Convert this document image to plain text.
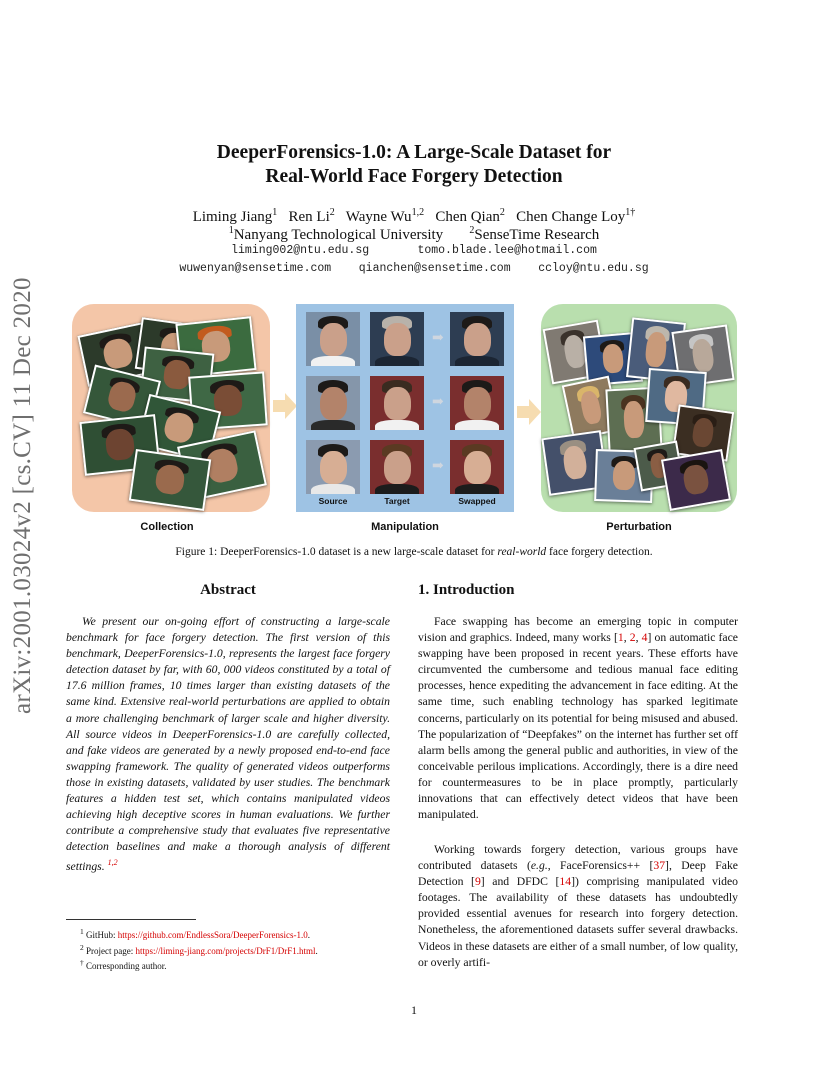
arXiv:2001.03024v2 [cs.CV] 11 Dec 2020
DeeperForensics-1.0: A Large-Scale Dataset for
Real-World Face Forgery Detection
Liming Jiang$^1$ Ren Li$^2$ Wayne Wu$^{1,2}$ Chen Qian$^2$ Chen Change Loy$^{1\dagger}$
$^1$Nanyang Technological University	$^2$SenseTime Research
liming002@ntu.edu.sg	tomo.blade.lee@hotmail.com
wuwenyan@sensetime.com qianchen@sensetime.com ccloy@ntu.edu.sg
➡
➡
➡
Source	Target	Swapped
Collection	Manipulation	Perturbation
Figure 1: DeeperForensics-1.0 dataset is a new large-scale dataset for real-world face forgery detection.
Abstract

We present our on-going effort of constructing a large-scale benchmark for face forgery detection. The first version of this benchmark, DeeperForensics-1.0, represents the largest face forgery detection dataset by far, with 60, 000 videos constituted by a total of 17.6 million frames, 10 times larger than existing datasets of the same kind. Extensive real-world perturbations are applied to obtain a more challenging benchmark of larger scale and higher diversity. All source videos in DeeperForensics-1.0 are carefully collected, and fake videos are generated by a newly proposed end-to-end face swapping framework. The quality of generated videos outperforms those in existing datasets, validated by user studies. The benchmark features a hidden test set, which contains manipulated videos achieving high deceptive scores in human evaluations. We further contribute a comprehensive study that evaluates five representative detection baselines and make a thorough analysis of different settings. $^{1,2}$

$^1$ GitHub: https://github.com/EndlessSora/DeeperForensics-1.0.
$^2$ Project page: https://liming-jiang.com/projects/DrF1/DrF1.html.
† Corresponding author.
1. Introduction

Face swapping has become an emerging topic in computer vision and graphics. Indeed, many works [1, 2, 4] on automatic face swapping have been proposed in recent years. These efforts have circumvented the cumbersome and tedious manual face editing processes, hence expediting the advancement in face editing. At the same time, such enabling technology has sparked legitimate concerns, particularly on its potential for being misused and abused. The popularization of “Deepfakes” on the internet has further set off alarm bells among the general public and authorities, in view of the conceivable perilous implications. Accordingly, there is a dire need for countermeasures to be in place promptly, particularly innovations that can effectively detect videos that have been manipulated.

Working towards forgery detection, various groups have contributed datasets (e.g., FaceForensics++ [37], Deep Fake Detection [9] and DFDC [14]) comprising manipulated video footages. The availability of these datasets has undoubtedly provided essential avenues for research into forgery detection. Nonetheless, the aforementioned datasets suffer several drawbacks. Videos in these datasets are either of a small number, of low quality, or overly artifi-

1
